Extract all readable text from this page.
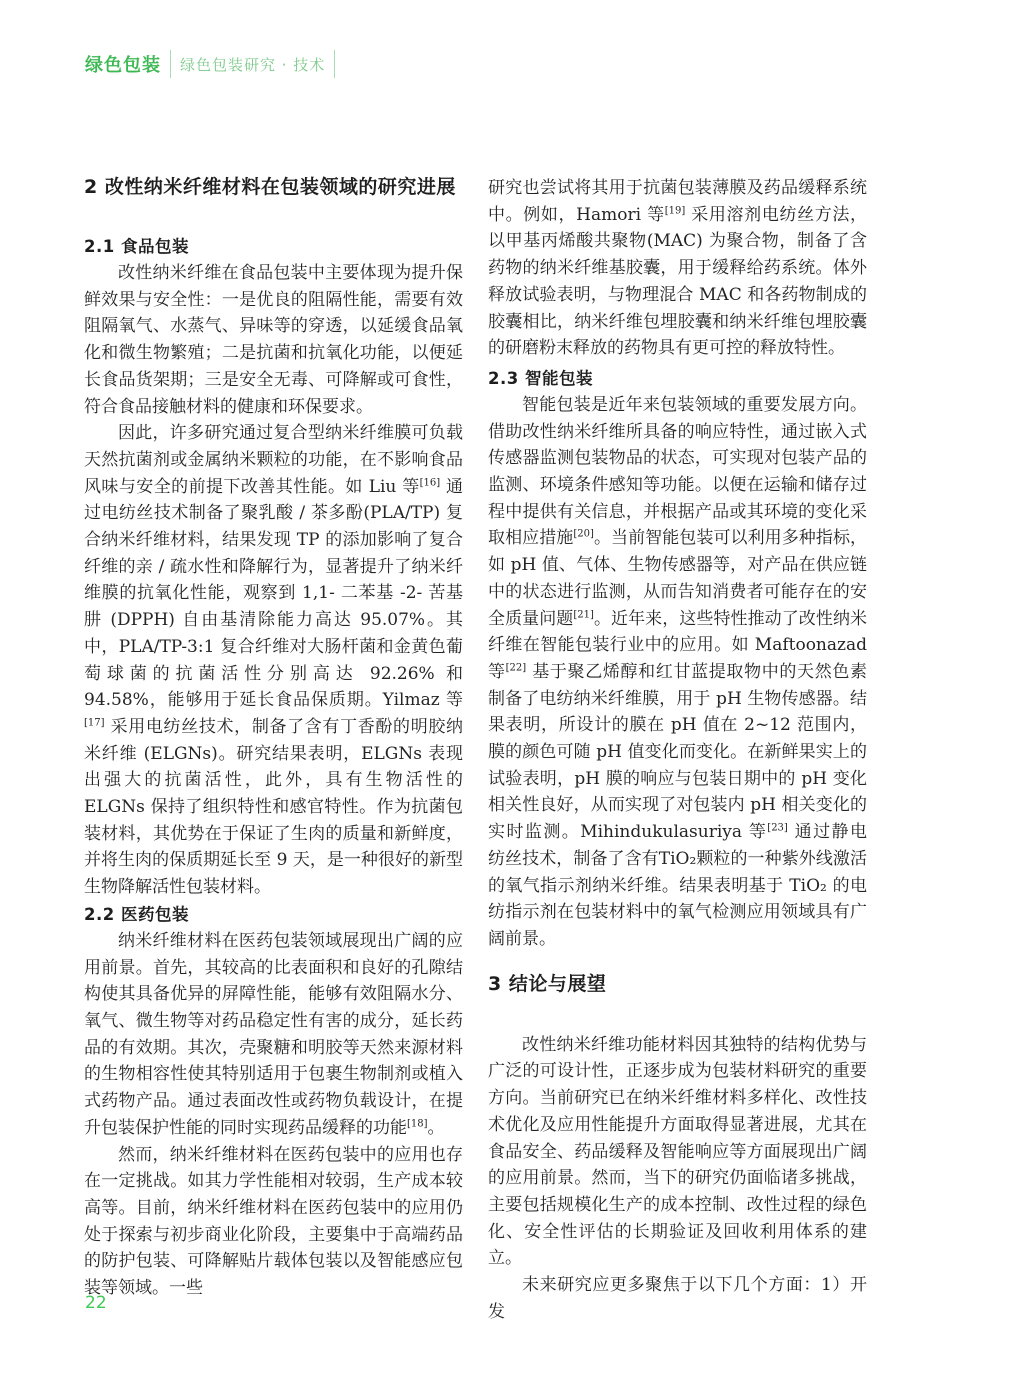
绿色包装 绿色包装研究 · 技术
2 改性纳米纤维材料在包装领域的研究进展
2.1 食品包装

改性纳米纤维在食品包装中主要体现为提升保鲜效果与安全性：一是优良的阻隔性能，需要有效阻隔氧气、水蒸气、异味等的穿透，以延缓食品氧化和微生物繁殖；二是抗菌和抗氧化功能，以便延长食品货架期；三是安全无毒、可降解或可食性，符合食品接触材料的健康和环保要求。

因此，许多研究通过复合型纳米纤维膜可负载天然抗菌剂或金属纳米颗粒的功能，在不影响食品风味与安全的前提下改善其性能。如 Liu 等[16] 通过电纺丝技术制备了聚乳酸 / 茶多酚(PLA/TP) 复合纳米纤维材料，结果发现 TP 的添加影响了复合纤维的亲 / 疏水性和降解行为，显著提升了纳米纤维膜的抗氧化性能，观察到 1,1- 二苯基 -2- 苦基肼 (DPPH) 自由基清除能力高达 95.07%。其中，PLA/TP-3:1 复合纤维对大肠杆菌和金黄色葡萄球菌的抗菌活性分别高达 92.26% 和 94.58%，能够用于延长食品保质期。Yilmaz 等[17] 采用电纺丝技术，制备了含有丁香酚的明胶纳米纤维 (ELGNs)。研究结果表明，ELGNs 表现出强大的抗菌活性，此外，具有生物活性的 ELGNs 保持了组织特性和感官特性。作为抗菌包装材料，其优势在于保证了生肉的质量和新鲜度，并将生肉的保质期延长至 9 天，是一种很好的新型生物降解活性包装材料。

2.2 医药包装

纳米纤维材料在医药包装领域展现出广阔的应用前景。首先，其较高的比表面积和良好的孔隙结构使其具备优异的屏障性能，能够有效阻隔水分、氧气、微生物等对药品稳定性有害的成分，延长药品的有效期。其次，壳聚糖和明胶等天然来源材料的生物相容性使其特别适用于包裹生物制剂或植入式药物产品。通过表面改性或药物负载设计，在提升包装保护性能的同时实现药品缓释的功能[18]。

然而，纳米纤维材料在医药包装中的应用也存在一定挑战。如其力学性能相对较弱，生产成本较高等。目前，纳米纤维材料在医药包装中的应用仍处于探索与初步商业化阶段，主要集中于高端药品的防护包装、可降解贴片载体包装以及智能感应包装等领域。一些

研究也尝试将其用于抗菌包装薄膜及药品缓释系统中。例如，Hamori 等[19] 采用溶剂电纺丝方法，以甲基丙烯酸共聚物(MAC) 为聚合物，制备了含药物的纳米纤维基胶囊，用于缓释给药系统。体外释放试验表明，与物理混合 MAC 和各药物制成的胶囊相比，纳米纤维包埋胶囊和纳米纤维包埋胶囊的研磨粉末释放的药物具有更可控的释放特性。

2.3 智能包装

智能包装是近年来包装领域的重要发展方向。借助改性纳米纤维所具备的响应特性，通过嵌入式传感器监测包装物品的状态，可实现对包装产品的监测、环境条件感知等功能。以便在运输和储存过程中提供有关信息，并根据产品或其环境的变化采取相应措施[20]。当前智能包装可以利用多种指标，如 pH 值、气体、生物传感器等，对产品在供应链中的状态进行监测，从而告知消费者可能存在的安全质量问题[21]。近年来，这些特性推动了改性纳米纤维在智能包装行业中的应用。如 Maftoonazad 等[22] 基于聚乙烯醇和红甘蓝提取物中的天然色素制备了电纺纳米纤维膜，用于 pH 生物传感器。结果表明，所设计的膜在 pH 值在 2~12 范围内，膜的颜色可随 pH 值变化而变化。在新鲜果实上的试验表明，pH 膜的响应与包装日期中的 pH 变化相关性良好，从而实现了对包装内 pH 相关变化的实时监测。Mihindukulasuriya 等[23] 通过静电纺丝技术，制备了含有TiO₂颗粒的一种紫外线激活的氧气指示剂纳米纤维。结果表明基于 TiO₂ 的电纺指示剂在包装材料中的氧气检测应用领域具有广阔前景。

3 结论与展望

改性纳米纤维功能材料因其独特的结构优势与广泛的可设计性，正逐步成为包装材料研究的重要方向。当前研究已在纳米纤维材料多样化、改性技术优化及应用性能提升方面取得显著进展，尤其在食品安全、药品缓释及智能响应等方面展现出广阔的应用前景。然而，当下的研究仍面临诸多挑战，主要包括规模化生产的成本控制、改性过程的绿色化、安全性评估的长期验证及回收利用体系的建立。

未来研究应更多聚焦于以下几个方面：1）开发

22
